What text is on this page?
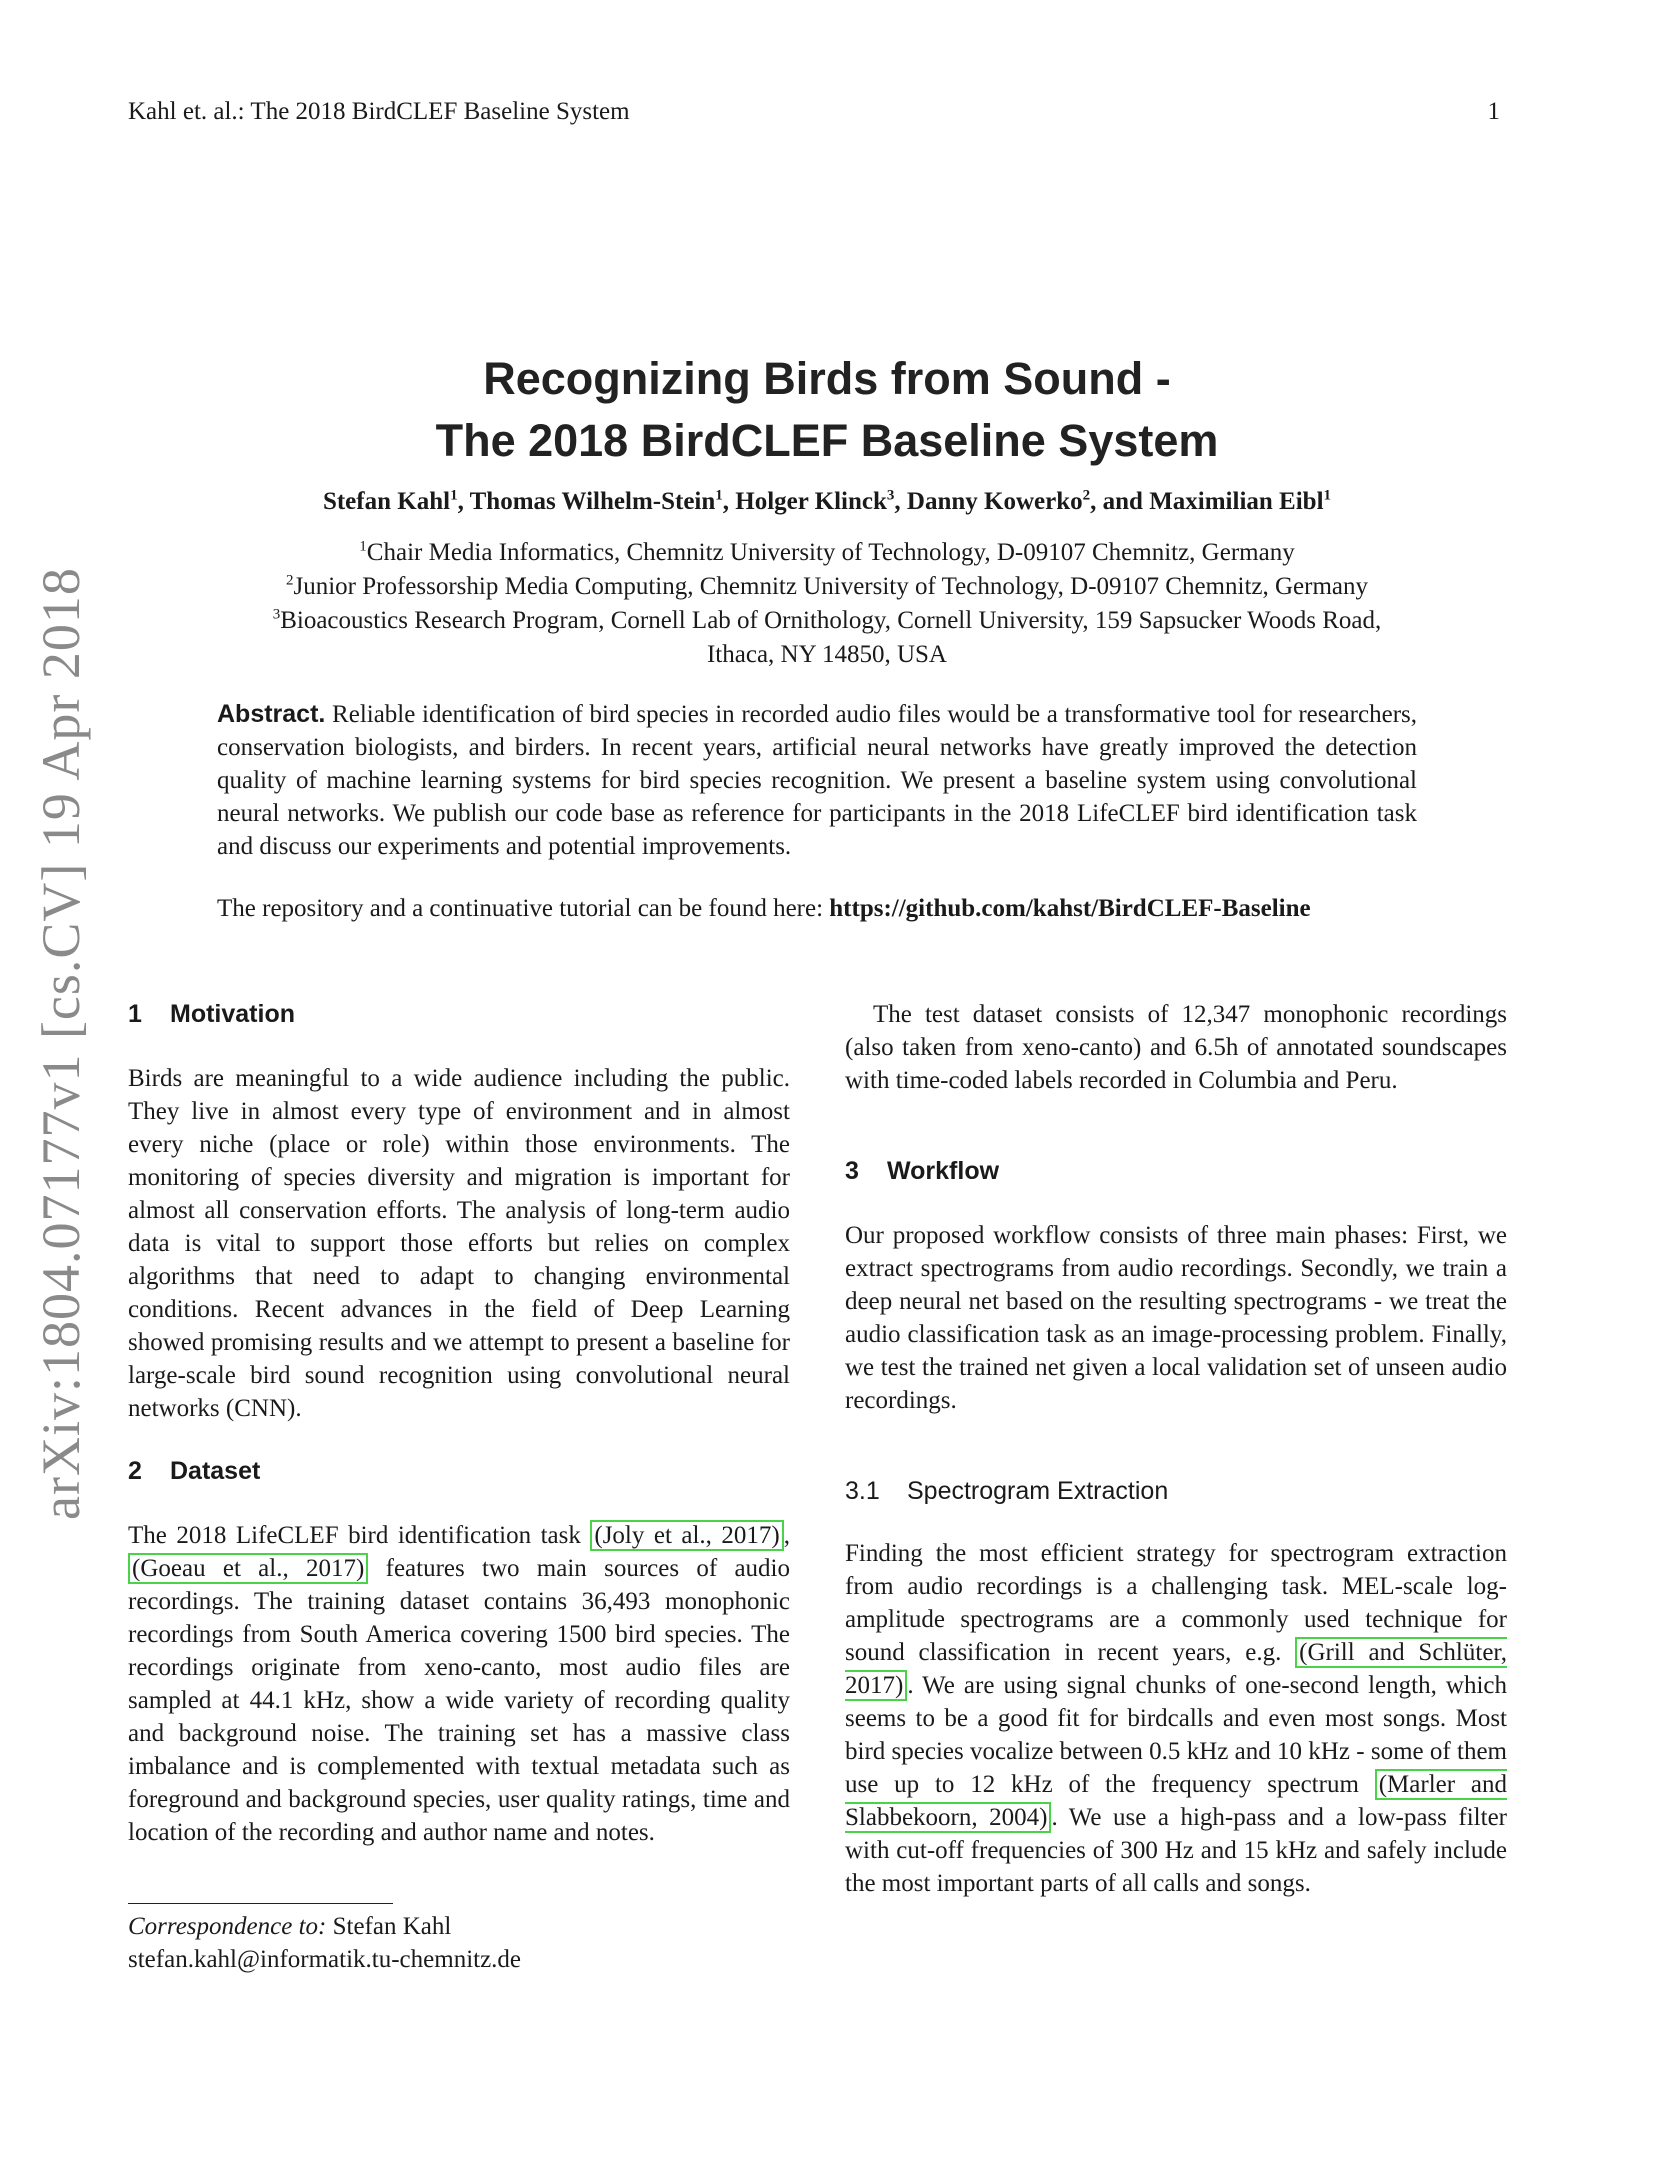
Kahl et. al.: The 2018 BirdCLEF Baseline System	1
arXiv:1804.07177v1 [cs.CV] 19 Apr 2018
Recognizing Birds from Sound -
The 2018 BirdCLEF Baseline System
Stefan Kahl$^1$, Thomas Wilhelm-Stein$^1$, Holger Klinck$^3$, Danny Kowerko$^2$, and Maximilian Eibl$^1$
$^1$Chair Media Informatics, Chemnitz University of Technology, D-09107 Chemnitz, Germany
$^2$Junior Professorship Media Computing, Chemnitz University of Technology, D-09107 Chemnitz, Germany
$^3$Bioacoustics Research Program, Cornell Lab of Ornithology, Cornell University, 159 Sapsucker Woods Road,
Ithaca, NY 14850, USA
Abstract. Reliable identification of bird species in recorded audio files would be a transformative tool for researchers, conservation biologists, and birders. In recent years, artificial neural networks have greatly improved the detection quality of machine learning systems for bird species recognition. We present a baseline system using convolutional neural networks. We publish our code base as reference for participants in the 2018 LifeCLEF bird identification task and discuss our experiments and potential improvements.
The repository and a continuative tutorial can be found here: https://github.com/kahst/BirdCLEF-Baseline
1 Motivation

Birds are meaningful to a wide audience including the public. They live in almost every type of environment and in almost every niche (place or role) within those environments. The monitoring of species diversity and migration is important for almost all conservation efforts. The analysis of long-term audio data is vital to support those efforts but relies on complex algorithms that need to adapt to changing environmental conditions. Recent advances in the field of Deep Learning showed promising results and we attempt to present a baseline for large-scale bird sound recognition using convolutional neural networks (CNN).

2 Dataset

The 2018 LifeCLEF bird identification task (Joly et al., 2017) , (Goeau et al., 2017) features two main sources of audio recordings. The training dataset contains 36,493 monophonic recordings from South America covering 1500 bird species. The recordings originate from xeno-canto, most audio files are sampled at 44.1 kHz, show a wide variety of recording quality and background noise. The training set has a massive class imbalance and is complemented with textual metadata such as foreground and background species, user quality ratings, time and location of the recording and author name and notes.

Correspondence to: Stefan Kahl
stefan.kahl@informatik.tu-chemnitz.de

The test dataset consists of 12,347 monophonic recordings (also taken from xeno-canto) and 6.5h of annotated soundscapes with time-coded labels recorded in Columbia and Peru.

3 Workflow

Our proposed workflow consists of three main phases: First, we extract spectrograms from audio recordings. Secondly, we train a deep neural net based on the resulting spectrograms - we treat the audio classification task as an image-processing problem. Finally, we test the trained net given a local validation set of unseen audio recordings.

3.1 Spectrogram Extraction

Finding the most efficient strategy for spectrogram extraction from audio recordings is a challenging task. MEL-scale log-amplitude spectrograms are a commonly used technique for sound classification in recent years, e.g. (Grill and Schlüter, 2017) . We are using signal chunks of one-second length, which seems to be a good fit for birdcalls and even most songs. Most bird species vocalize between 0.5 kHz and 10 kHz - some of them use up to 12 kHz of the frequency spectrum (Marler and Slabbekoorn, 2004) . We use a high-pass and a low-pass filter with cut-off frequencies of 300 Hz and 15 kHz and safely include the most important parts of all calls and songs.
